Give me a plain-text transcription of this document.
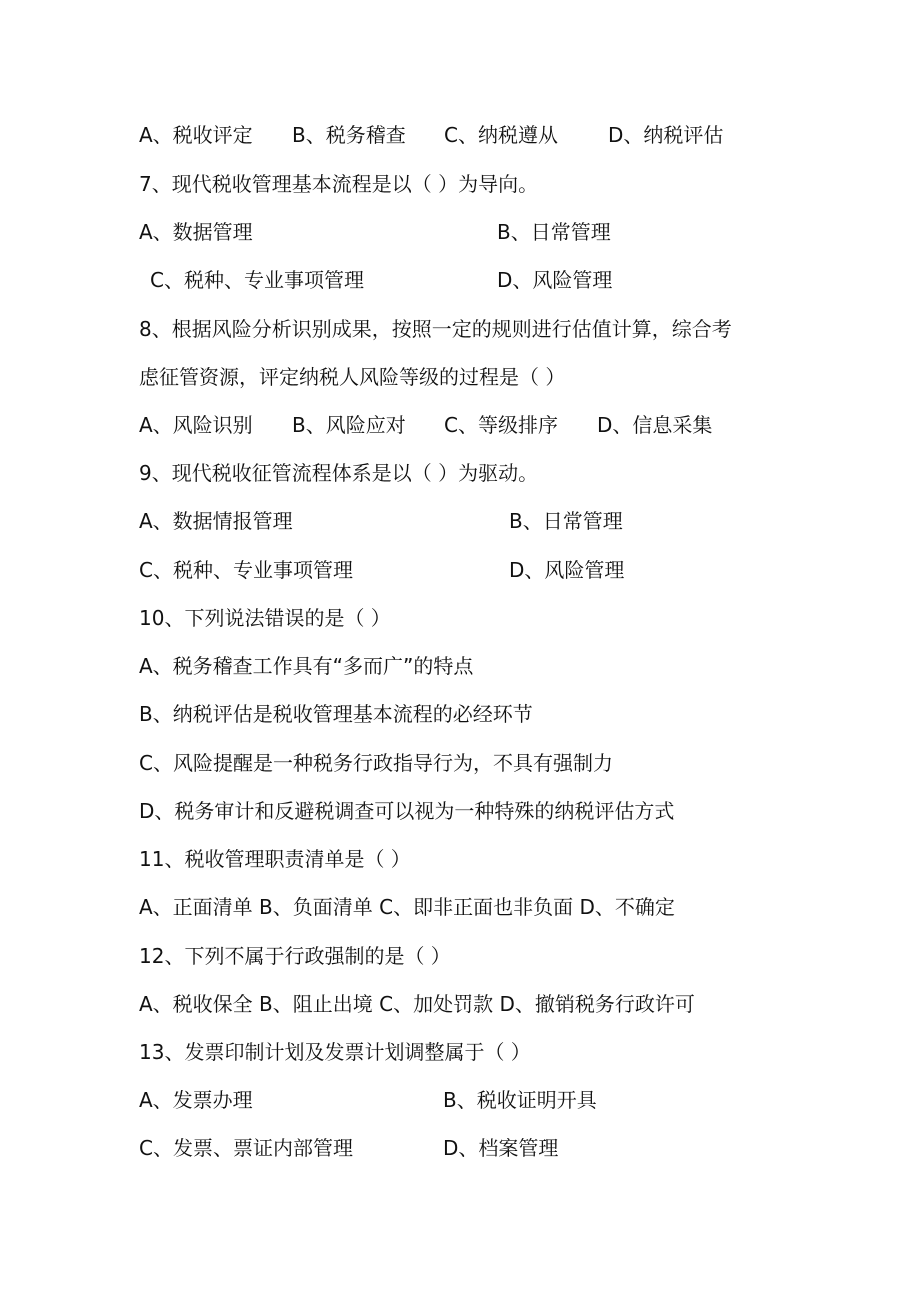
A、税收评定 B、税务稽查 C、纳税遵从	D、纳税评估
7、现代税收管理基本流程是以（ ）为导向。
A、数据管理	B、日常管理
C、税种、专业事项管理	D、风险管理
8、根据风险分析识别成果，按照一定的规则进行估值计算，综合考
虑征管资源，评定纳税人风险等级的过程是（ ）
A、风险识别 B、风险应对 C、等级排序 D、信息采集
9、现代税收征管流程体系是以（ ）为驱动。
A、数据情报管理	B、日常管理
C、税种、专业事项管理	D、风险管理
10、下列说法错误的是（ ）
A、税务稽查工作具有“多而广”的特点
B、纳税评估是税收管理基本流程的必经环节
C、风险提醒是一种税务行政指导行为，不具有强制力
D、税务审计和反避税调查可以视为一种特殊的纳税评估方式
11、税收管理职责清单是（ ）
A、正面清单 B、负面清单 C、即非正面也非负面 D、不确定
12、下列不属于行政强制的是（ ）
A、税收保全 B、阻止出境 C、加处罚款 D、撤销税务行政许可
13、发票印制计划及发票计划调整属于（ ）
A、发票办理	B、税收证明开具
C、发票、票证内部管理	D、档案管理
